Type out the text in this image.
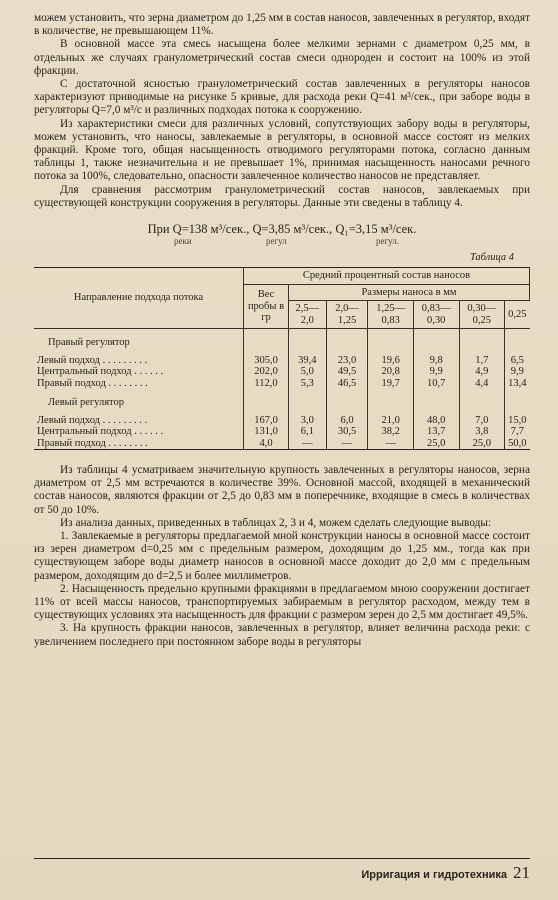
можем установить, что зерна диаметром до 1,25 мм в состав наносов, завлеченных в регулятор, входят в количестве, не превышающем 11%.

В основной массе эта смесь насыщена более мелкими зернами с диаметром 0,25 мм, в отдельных же случаях гранулометрический состав смеси однороден и состоит на 100% из этой фракции.

С достаточной ясностью гранулометрический состав завлеченных в регуляторы наносов характеризуют приводимые на рисунке 5 кривые, для расхода реки Q=41 м³/сек., при заборе воды в регуляторы Q=7,0 м³/с и различных подходах потока к сооружению.

Из характеристики смеси для различных условий, сопутствующих забору воды в регуляторы, можем установить, что наносы, завлекаемые в регуляторы, в основной массе состоят из мелких фракций. Кроме того, общая насыщенность отводимого регуляторами потока, согласно данным таблицы 1, также незначительна и не превышает 1%, принимая насыщенность наносами речного потока за 100%, следовательно, опасности завлеченное количество наносов не представляет.

Для сравнения рассмотрим гранулометрический состав наносов, завлекаемых при существующей конструкции сооружения в регуляторы. Данные эти сведены в таблицу 4.

При Q=138 м³/сек., Q=3,85 м³/сек., Q₁=3,15 м³/сек.
реки	регул	регул.
Таблица 4
Направление подхода потока	Средний процентный состав наносов						
	Вес пробы в гр	Размеры наноса в мм					
		2,5—2,0	2,0—1,25	1,25—0,83	0,83—0,30	0,30—0,25	0,25
Правый регулятор							
Левый подход . . . . . . . . .	305,0	39,4	23,0	19,6	9,8	1,7	6,5
Центральный подход . . . . . .	202,0	5,0	49,5	20,8	9,9	4,9	9,9
Правый подход . . . . . . . .	112,0	5,3	46,5	19,7	10,7	4,4	13,4
Левый регулятор							
Левый подход . . . . . . . . .	167,0	3,0	6,0	21,0	48,0	7,0	15,0
Центральный подход . . . . . .	131,0	6,1	30,5	38,2	13,7	3,8	7,7
Правый подход . . . . . . . .	4,0	—	—	—	25,0	25,0	50,0

Из таблицы 4 усматриваем значительную крупность завлеченных в регуляторы наносов, зерна диаметром от 2,5 мм встречаются в количестве 39%. Основной массой, входящей в механический состав наносов, являются фракции от 2,5 до 0,83 мм в поперечнике, входящие в смесь в количествах от 50 до 10%.

Из анализа данных, приведенных в таблицах 2, 3 и 4, можем сделать следующие выводы:

1. Завлекаемые в регуляторы предлагаемой мной конструкции наносы в основной массе состоит из зерен диаметром d=0,25 мм с предельным размером, доходящим до 1,25 мм., тогда как при существующем заборе воды диаметр наносов в основной массе доходит до 2,0 мм с предельным размером, доходящим до d=2,5 и более миллиметров.

2. Насыщенность предельно крупными фракциями в предлагаемом мною сооружении достигает 11% от всей массы наносов, транспортируемых забираемым в регулятор расходом, между тем в существующих условиях эта насыщенность для фракции с размером зерен до 2,5 мм достигает 49,5%.

3. На крупность фракции наносов, завлеченных в регулятор, влияет величина расхода реки: с увеличением последнего при постоянном заборе воды в регуляторы

Ирригация и гидротехника 21
